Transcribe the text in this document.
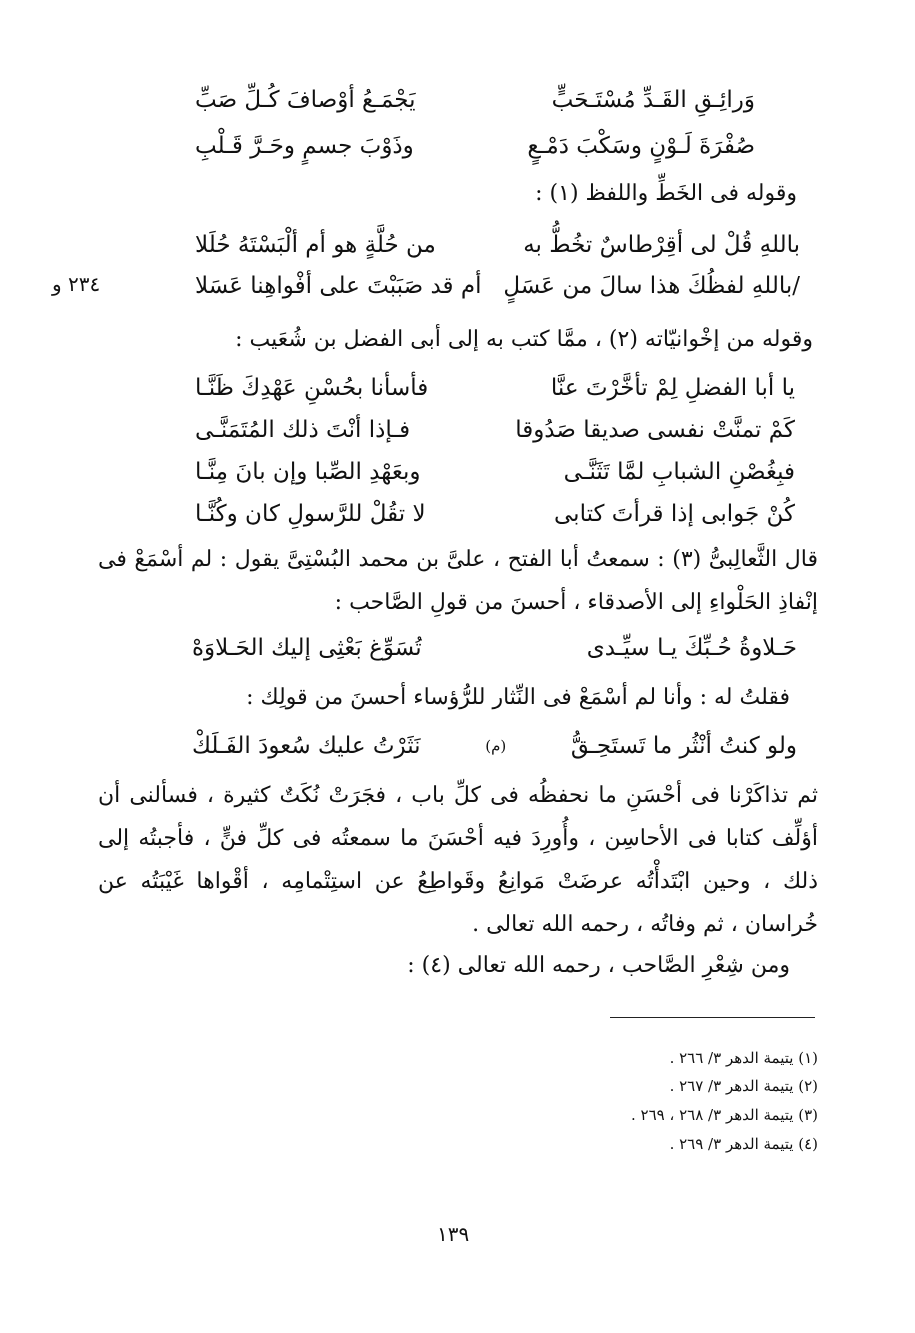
وَرائِـقِ القَـدِّ مُسْتَـحَبٍّ
يَجْمَـعُ أوْصافَ كُـلِّ صَبِّ
صُفْرَةَ لَـوْنٍ وسَكْبَ دَمْـعٍ
وذَوْبَ جسمٍ وحَـرَّ قَـلْبِ
وقوله فى الخَطِّ واللفظ (١) :
باللهِ قُلْ لى أقِرْطاسٌ تخُطُّ به
من حُلَّةٍ هو أم ألْبَسْتَهُ حُلَلا
/باللهِ لفظُكَ هذا سالَ من عَسَلٍ
أم قد صَبَبْتَ على أفْواهِنا عَسَلا
٢٣٤ و
وقوله من إخْوانيّاته (٢) ، ممَّا كتب به إلى أبى الفضل بن شُعَيب :
يا أبا الفضلِ لِمْ تأخَّرْتَ عنَّا
فأسأنا بحُسْنِ عَهْدِكَ ظَنَّـا
كَمْ تمنَّتْ نفسى صديقا صَدُوقا
فـإذا أنْتَ ذلك المُتَمَنَّـى
فبِغُصْنِ الشبابِ لمَّا تَثَنَّـى
وبعَهْدِ الصِّبا وإن بانَ مِنَّـا
كُنْ جَوابى إذا قرأتَ كتابى
لا تقُلْ للرَّسولِ كان وكُنَّـا
قال الثَّعالِبىُّ (٣) : سمعتُ أبا الفتح ، علىَّ بن محمد البُسْتِىَّ يقول : لم أسْمَعْ فى إنْفاذِ الحَلْواءِ إلى الأصدقاء ، أحسنَ من قولِ الصَّاحب :
حَـلاوةُ حُـبِّكَ يـا سيِّـدى
تُسَوِّغ بَعْثِى إليك الحَـلاوَهْ
فقلتُ له : وأنا لم أسْمَعْ فى النِّثار للرُّؤساء أحسنَ من قولِك :
ولو كنتُ أنْثُر ما تَستَحِـقُّ
(م)
نَثَرْتُ عليك سُعودَ الفَـلَكْ
ثم تذاكَرْنا فى أحْسَنِ ما نحفظُه فى كلِّ باب ، فجَرَتْ نُكَتٌ كثيرة ، فسألنى أن أؤلِّف كتابا فى الأحاسِن ، وأُورِدَ فيه أحْسَنَ ما سمعتُه فى كلِّ فنٍّ ، فأجبتُه إلى ذلك ، وحين ابْتَدأْتُه عرضَتْ مَوانِعُ وقَواطِعُ عن استِتْمامِه ، أقْواها غَيْبَتُه عن خُراسان ، ثم وفاتُه ، رحمه الله تعالى .
ومن شِعْرِ الصَّاحب ، رحمه الله تعالى (٤) :
(١) يتيمة الدهر ٣/ ٢٦٦ .
(٢) يتيمة الدهر ٣/ ٢٦٧ .
(٣) يتيمة الدهر ٣/ ٢٦٨ ، ٢٦٩ .
(٤) يتيمة الدهر ٣/ ٢٦٩ .
١٣٩
